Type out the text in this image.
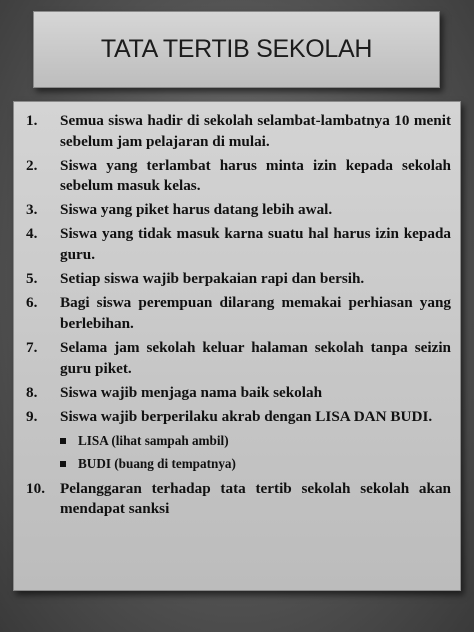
TATA TERTIB SEKOLAH
1.	Semua siswa hadir di sekolah selambat-lambatnya 10 menit sebelum jam pelajaran di mulai.
2.	Siswa yang terlambat harus minta izin kepada sekolah sebelum masuk kelas.
3.	Siswa yang piket harus datang lebih awal.
4.	Siswa yang tidak masuk karna suatu hal harus izin kepada guru.
5.	Setiap siswa wajib berpakaian rapi dan bersih.
6.	Bagi siswa perempuan dilarang memakai perhiasan yang berlebihan.
7.	Selama jam sekolah keluar halaman sekolah tanpa seizin guru piket.
8.	Siswa wajib menjaga nama baik sekolah
9.	Siswa wajib berperilaku akrab dengan LISA DAN BUDI.
LISA (lihat sampah ambil)
BUDI (buang di tempatnya)
10. Pelanggaran terhadap tata tertib sekolah sekolah akan mendapat sanksi
